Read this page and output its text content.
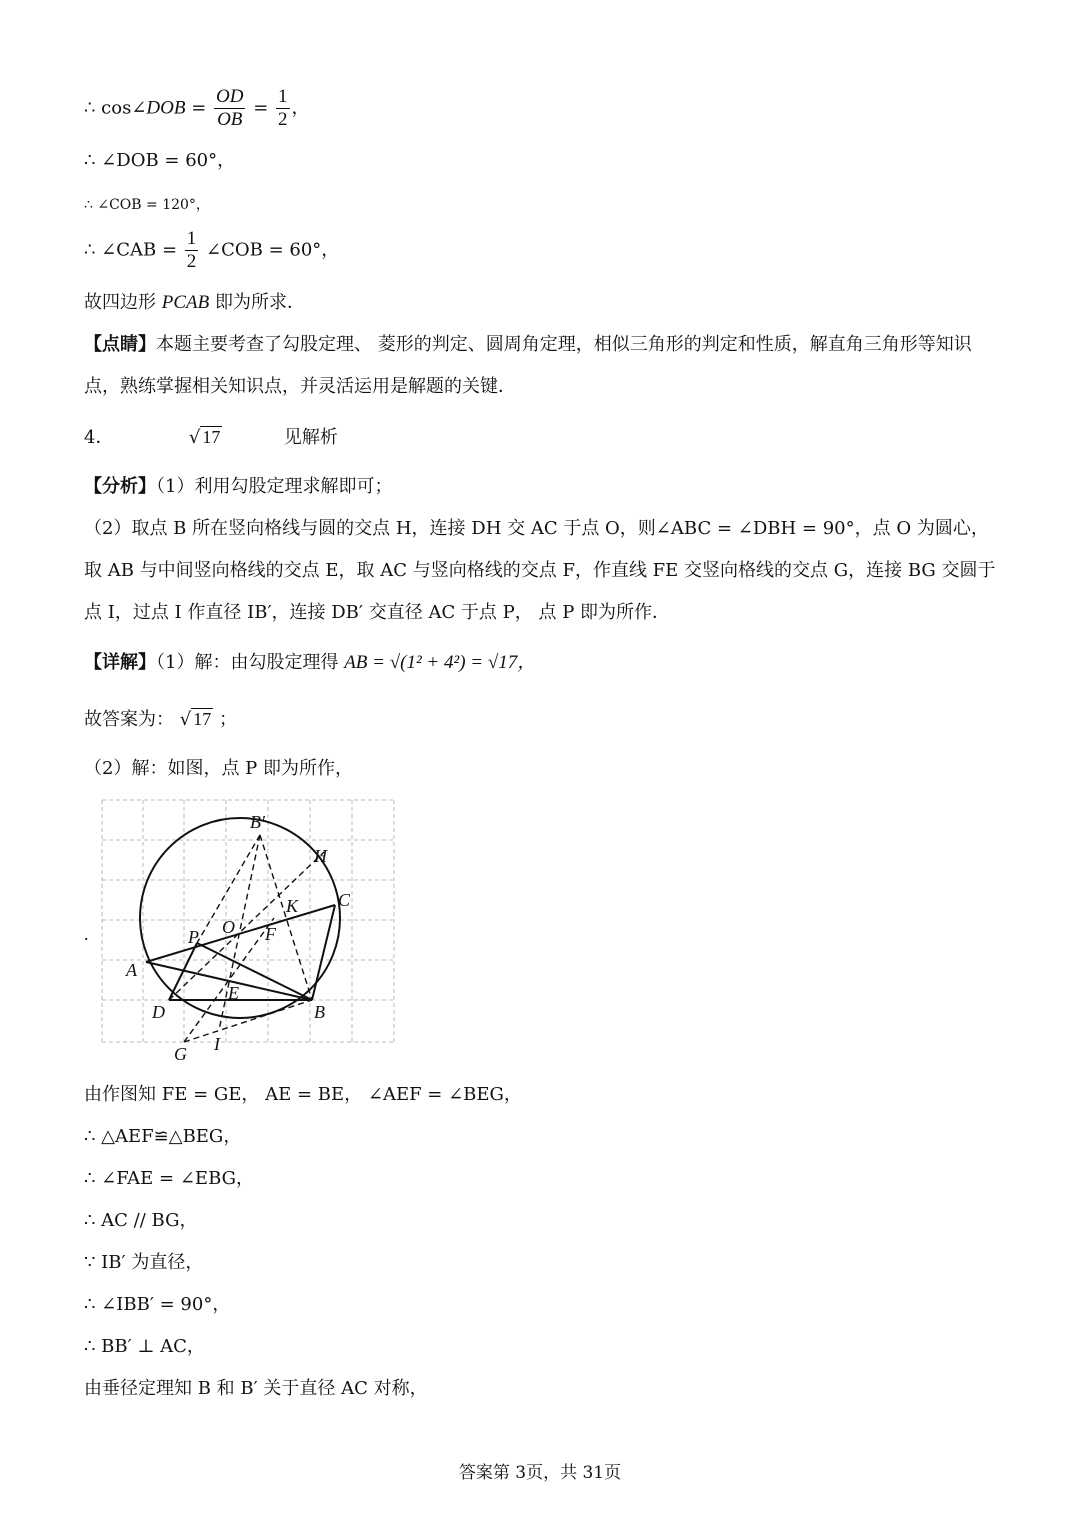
∴ cos∠DOB = $\frac{OD}{OB} = \frac{1}{2}$ ，
∴ ∠DOB = 60°，
∴ ∠COB = 120°，
∴ ∠CAB = $\frac{1}{2}$ ∠COB = 60°，
故四边形 PCAB 即为所求．
【点睛】本题主要考查了勾股定理、 菱形的判定、圆周角定理，相似三角形的判定和性质，解直角三角形等知识点，熟练掌握相关知识点，并灵活运用是解题的关键．
4．	√ 17	见解析
【分析】（1）利用勾股定理求解即可；
（2）取点 B 所在竖向格线与圆的交点 H，连接 DH 交 AC 于点 O，则∠ABC = ∠DBH = 90°，点 O 为圆心，取 AB 与中间竖向格线的交点 E，取 AC 与竖向格线的交点 F，作直线 FE 交竖向格线的交点 G，连接 BG 交圆于点 I，过点 I 作直径 IB′，连接 DB′ 交直径 AC 于点 P， 点 P 即为所作．
【详解】（1）解：由勾股定理得 AB = √(1² + 4²) = √17，
故答案为： √ 17 ；
（2）解：如图，点 P 即为所作，
.
B′
H
C
K
O F
P
A
E
D	B
G I
由作图知 FE = GE， AE = BE， ∠AEF = ∠BEG，
∴ △AEF≌△BEG，
∴ ∠FAE = ∠EBG，
∴ AC // BG，
∵ IB′ 为直径，
∴ ∠IBB′ = 90°，
∴ BB′ ⊥ AC，
由垂径定理知 B 和 B′ 关于直径 AC 对称，
答案第 3页，共 31页
